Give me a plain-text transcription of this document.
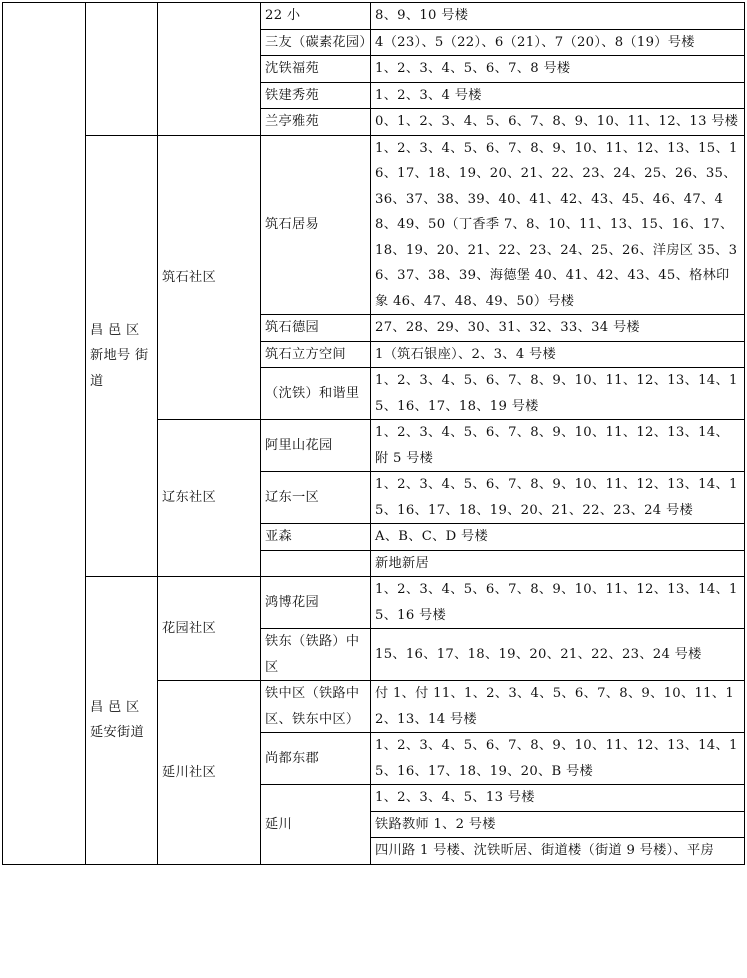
			22 小	8、9、10 号楼
			三友（碳素花园）	4（23）、5（22）、6（21）、7（20）、8（19）号楼
			沈铁福苑	1、2、3、4、5、6、7、8 号楼
			铁建秀苑	1、2、3、4 号楼
			兰亭雅苑	0、1、2、3、4、5、6、7、8、9、10、11、12、13 号楼

	昌 邑 区 新地号 街道	筑石社区	筑石居易	1、2、3、4、5、6、7、8、9、10、11、12、13、15、16、17、18、19、20、21、22、23、24、25、26、35、36、37、38、39、40、41、42、43、45、46、47、48、49、50（丁香季 7、8、10、11、13、15、16、17、18、19、20、21、22、23、24、25、26、洋房区 35、36、37、38、39、海德堡 40、41、42、43、45、格林印象 46、47、48、49、50）号楼
			筑石德园	27、28、29、30、31、32、33、34 号楼
			筑石立方空间	1（筑石银座）、2、3、4 号楼
			（沈铁）和谐里	1、2、3、4、5、6、7、8、9、10、11、12、13、14、15、16、17、18、19 号楼
		辽东社区	阿里山花园	1、2、3、4、5、6、7、8、9、10、11、12、13、14、附 5 号楼
			辽东一区	1、2、3、4、5、6、7、8、9、10、11、12、13、14、15、16、17、18、19、20、21、22、23、24 号楼
			亚森	A、B、C、D 号楼
				新地新居
	昌 邑 区 延安街道	花园社区	鸿博花园	1、2、3、4、5、6、7、8、9、10、11、12、13、14、15、16 号楼
			铁东（铁路）中区	15、16、17、18、19、20、21、22、23、24 号楼
		延川社区	铁中区（铁路中区、铁东中区）	付 1、付 11、1、2、3、4、5、6、7、8、9、10、11、12、13、14 号楼
			尚都东郡	1、2、3、4、5、6、7、8、9、10、11、12、13、14、15、16、17、18、19、20、B 号楼
			延川	1、2、3、4、5、13 号楼
				铁路教师 1、2 号楼
				四川路 1 号楼、沈铁昕居、街道楼（街道 9 号楼）、平房
